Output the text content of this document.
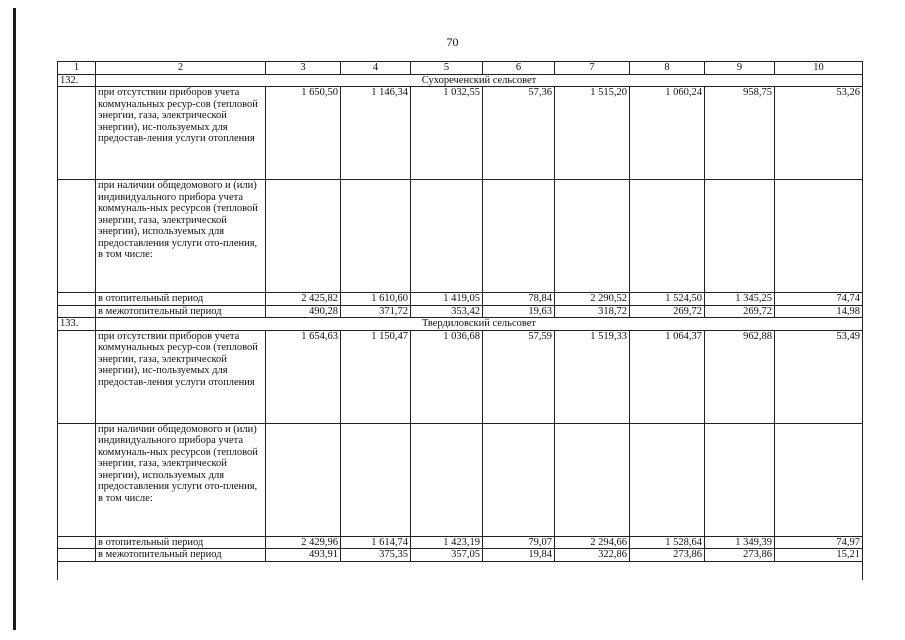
70
1	2	3	4	5	6	7	8	9	10
132.	Сухореченский сельсовет								
	при отсутствии приборов учета коммунальных ресур-сов (тепловой энергии, газа, электрической энергии), ис-пользуемых для предостав-ления услуги отопления	1 650,50	1 146,34	1 032,55	57,36	1 515,20	1 060,24	958,75	53,26
	при наличии общедомового и (или) индивидуального прибора учета коммуналь-ных ресурсов (тепловой энергии, газа, электрической энергии), используемых для предоставления услуги ото-пления, в том числе:								
	в отопительный период	2 425,82	1 610,60	1 419,05	78,84	2 290,52	1 524,50	1 345,25	74,74
	в межотопительный период	490,28	371,72	353,42	19,63	318,72	269,72	269,72	14,98
133.	Твердиловский сельсовет								
	при отсутствии приборов учета коммунальных ресур-сов (тепловой энергии, газа, электрической энергии), ис-пользуемых для предостав-ления услуги отопления	1 654,63	1 150,47	1 036,68	57,59	1 519,33	1 064,37	962,88	53,49
	при наличии общедомового и (или) индивидуального прибора учета коммуналь-ных ресурсов (тепловой энергии, газа, электрической энергии), используемых для предоставления услуги ото-пления, в том числе:								
	в отопительный период	2 429,96	1 614,74	1 423,19	79,07	2 294,66	1 528,64	1 349,39	74,97
	в межотопительный период	493,91	375,35	357,05	19,84	322,86	273,86	273,86	15,21
